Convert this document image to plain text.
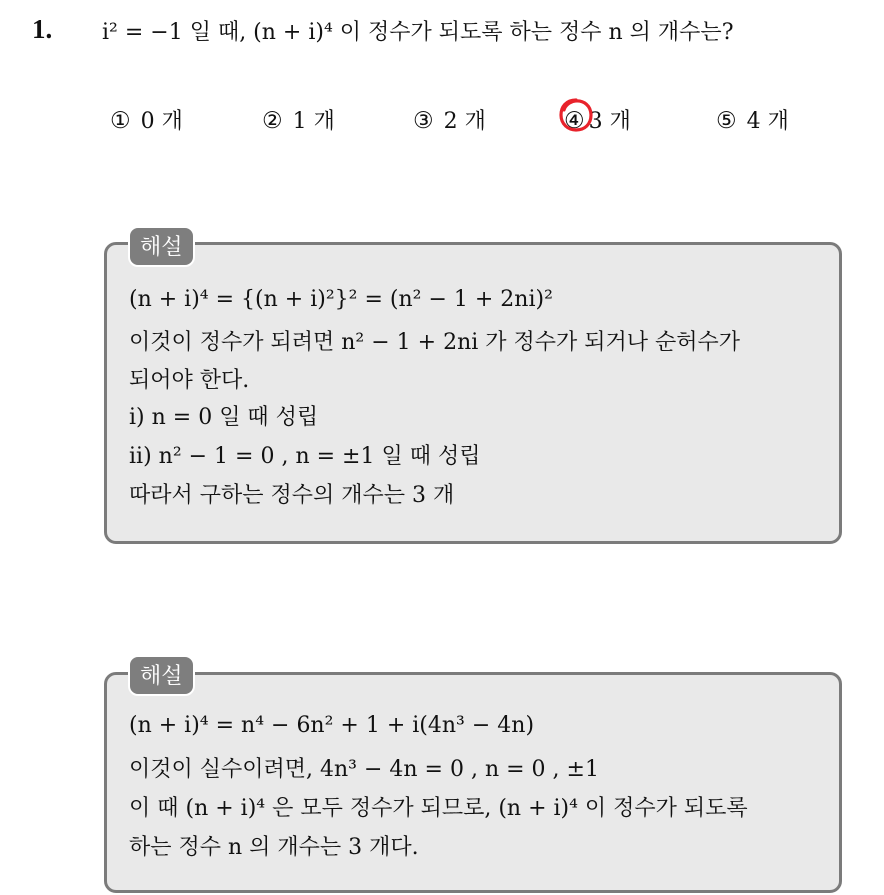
1. i² = −1 일 때, (n + i)⁴ 이 정수가 되도록 하는 정수 n 의 개수는?
① 0 개	② 1 개	③ 2 개	④ 3 개	⑤ 4 개
해설
(n + i)⁴ = {(n + i)²}² = (n² − 1 + 2ni)²
이것이 정수가 되려면 n² − 1 + 2ni 가 정수가 되거나 순허수가
되어야 한다.
i) n = 0 일 때 성립
ii) n² − 1 = 0 , n = ±1 일 때 성립
따라서 구하는 정수의 개수는 3 개
해설
(n + i)⁴ = n⁴ − 6n² + 1 + i(4n³ − 4n)
이것이 실수이려면, 4n³ − 4n = 0 , n = 0 , ±1
이 때 (n + i)⁴ 은 모두 정수가 되므로, (n + i)⁴ 이 정수가 되도록
하는 정수 n 의 개수는 3 개다.
